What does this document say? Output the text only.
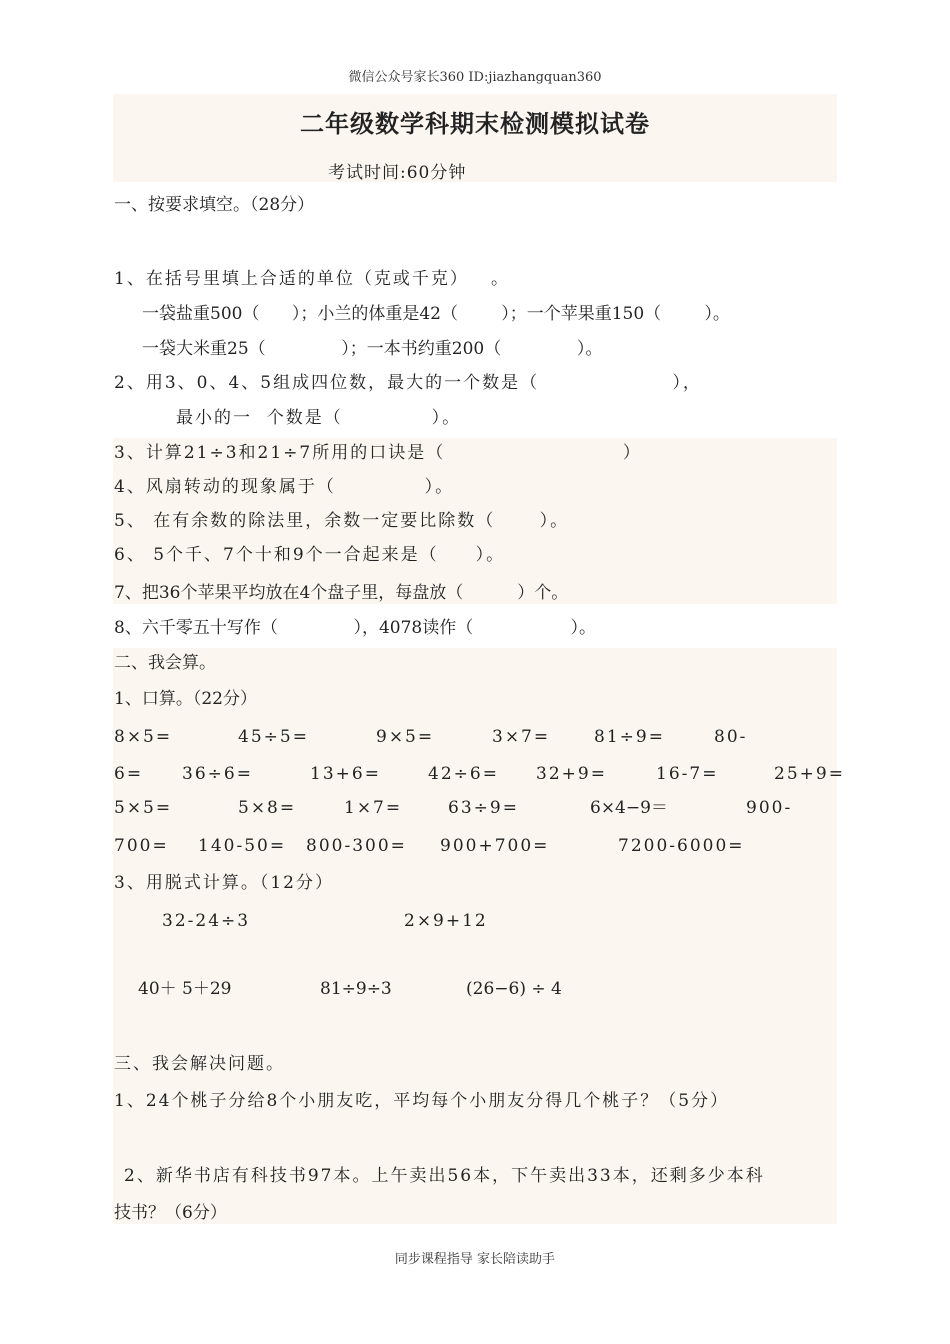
微信公众号家长360 ID:jiazhangquan360
二年级数学科期末检测模拟试卷
考试时间:60分钟
一、按要求填空。（28分）
1、在括号里填上合适的单位（克或千克）   。
一袋盐重500（      ）；小兰的体重是42（        ）；一个苹果重150（        ）。
一袋大米重25（              ）；一本书约重200（              ）。
2、用3、0、4、5组成四位数，最大的一个数是（                  ），
最小的一  个数是（            ）。
3、计算21÷3和21÷7所用的口诀是（                        ）
4、风扇转动的现象属于（            ）。
5、 在有余数的除法里，余数一定要比除数（      ）。
6、 5个千、7个十和9个一合起来是（     ）。
7、把36个苹果平均放在4个盘子里，每盘放（          ）个。
8、六千零五十写作（              ），4078读作（                  ）。
二、我会算。
1、口算。（22分）
8×5=	45÷5=	9×5=	3×7=	81÷9=	80-
6= 36÷6=	13+6=	42÷6= 32+9=	16-7=	25+9=
5×5=	5×8=	1×7=	63÷9=	6×4−9＝	900-
700= 140-50= 800-300= 900+700=	7200-6000=
3、用脱式计算。（12分）
32-24÷3	2×9+12
40＋ 5＋29	81÷9÷3	(26−6) ÷ 4
三、我会解决问题。
1、24个桃子分给8个小朋友吃，平均每个小朋友分得几个桃子？（5分）
2、新华书店有科技书97本。上午卖出56本，下午卖出33本，还剩多少本科
技书？（6分）
同步课程指导 家长陪读助手
